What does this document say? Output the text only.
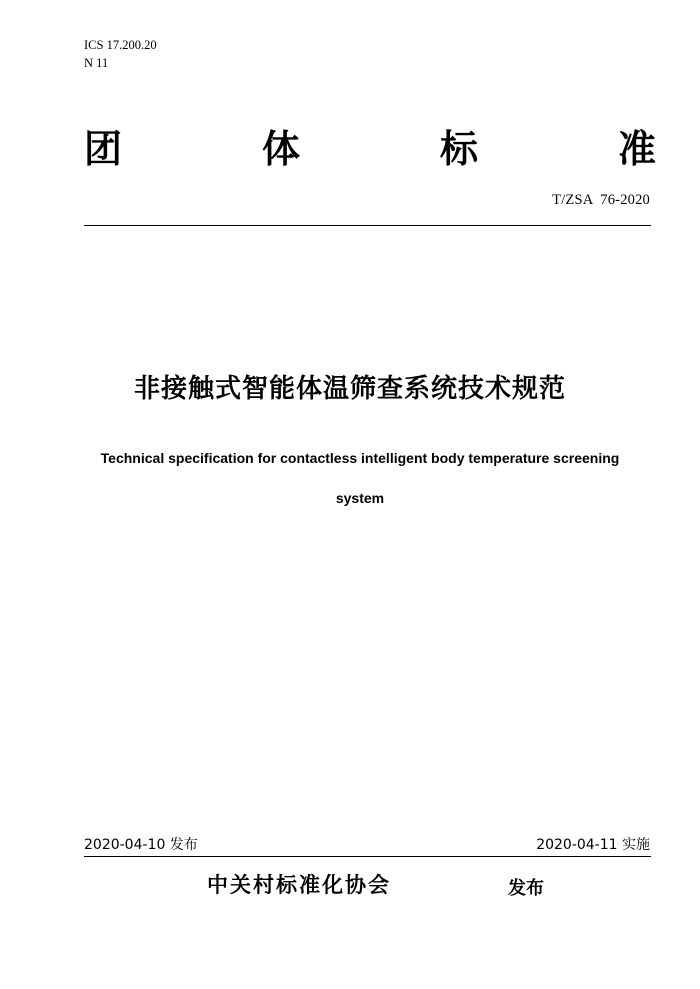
ICS 17.200.20
N 11
团	体	标	准
T/ZSA  76-2020
非接触式智能体温筛查系统技术规范
Technical specification for contactless intelligent body temperature screening
system
2020-04-10 发布	2020-04-11 实施
中关村标准化协会	发布
